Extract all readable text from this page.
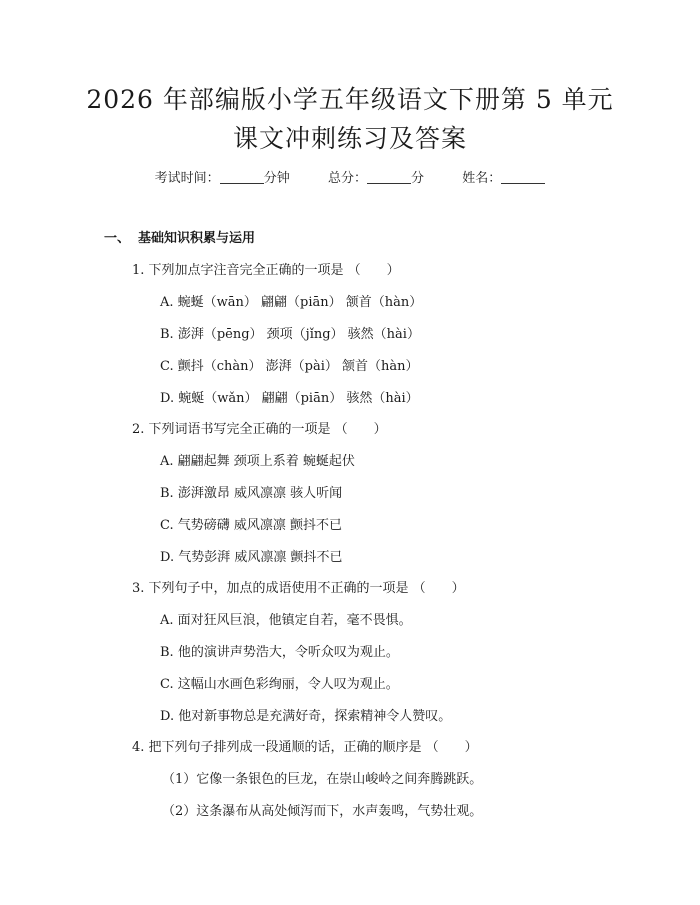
2026 年部编版小学五年级语文下册第 5 单元
课文冲刺练习及答案
考试时间：	分钟	总分：	分	姓名：
一、 基础知识积累与运用
1. 下列加点字注音完全正确的一项是 （　　）
A. 蜿蜒（wān） 翩翩（piān） 颔首（hàn）
B. 澎湃（pēng） 颈项（jǐng） 骇然（hài）
C. 颤抖（chàn） 澎湃（pài） 颔首（hàn）
D. 蜿蜒（wǎn） 翩翩（piān） 骇然（hài）
2. 下列词语书写完全正确的一项是 （　　）
A. 翩翩起舞 颈项上系着 蜿蜒起伏
B. 澎湃激昂 威风凛凛 骇人听闻
C. 气势磅礴 威风凛凛 颤抖不已
D. 气势彭湃 威风凛凛 颤抖不已
3. 下列句子中，加点的成语使用不正确的一项是 （　　）
A. 面对狂风巨浪，他镇定自若，毫不畏惧。
B. 他的演讲声势浩大，令听众叹为观止。
C. 这幅山水画色彩绚丽，令人叹为观止。
D. 他对新事物总是充满好奇，探索精神令人赞叹。
4. 把下列句子排列成一段通顺的话，正确的顺序是 （　　）
（1）它像一条银色的巨龙，在崇山峻岭之间奔腾跳跃。
（2）这条瀑布从高处倾泻而下，水声轰鸣，气势壮观。
